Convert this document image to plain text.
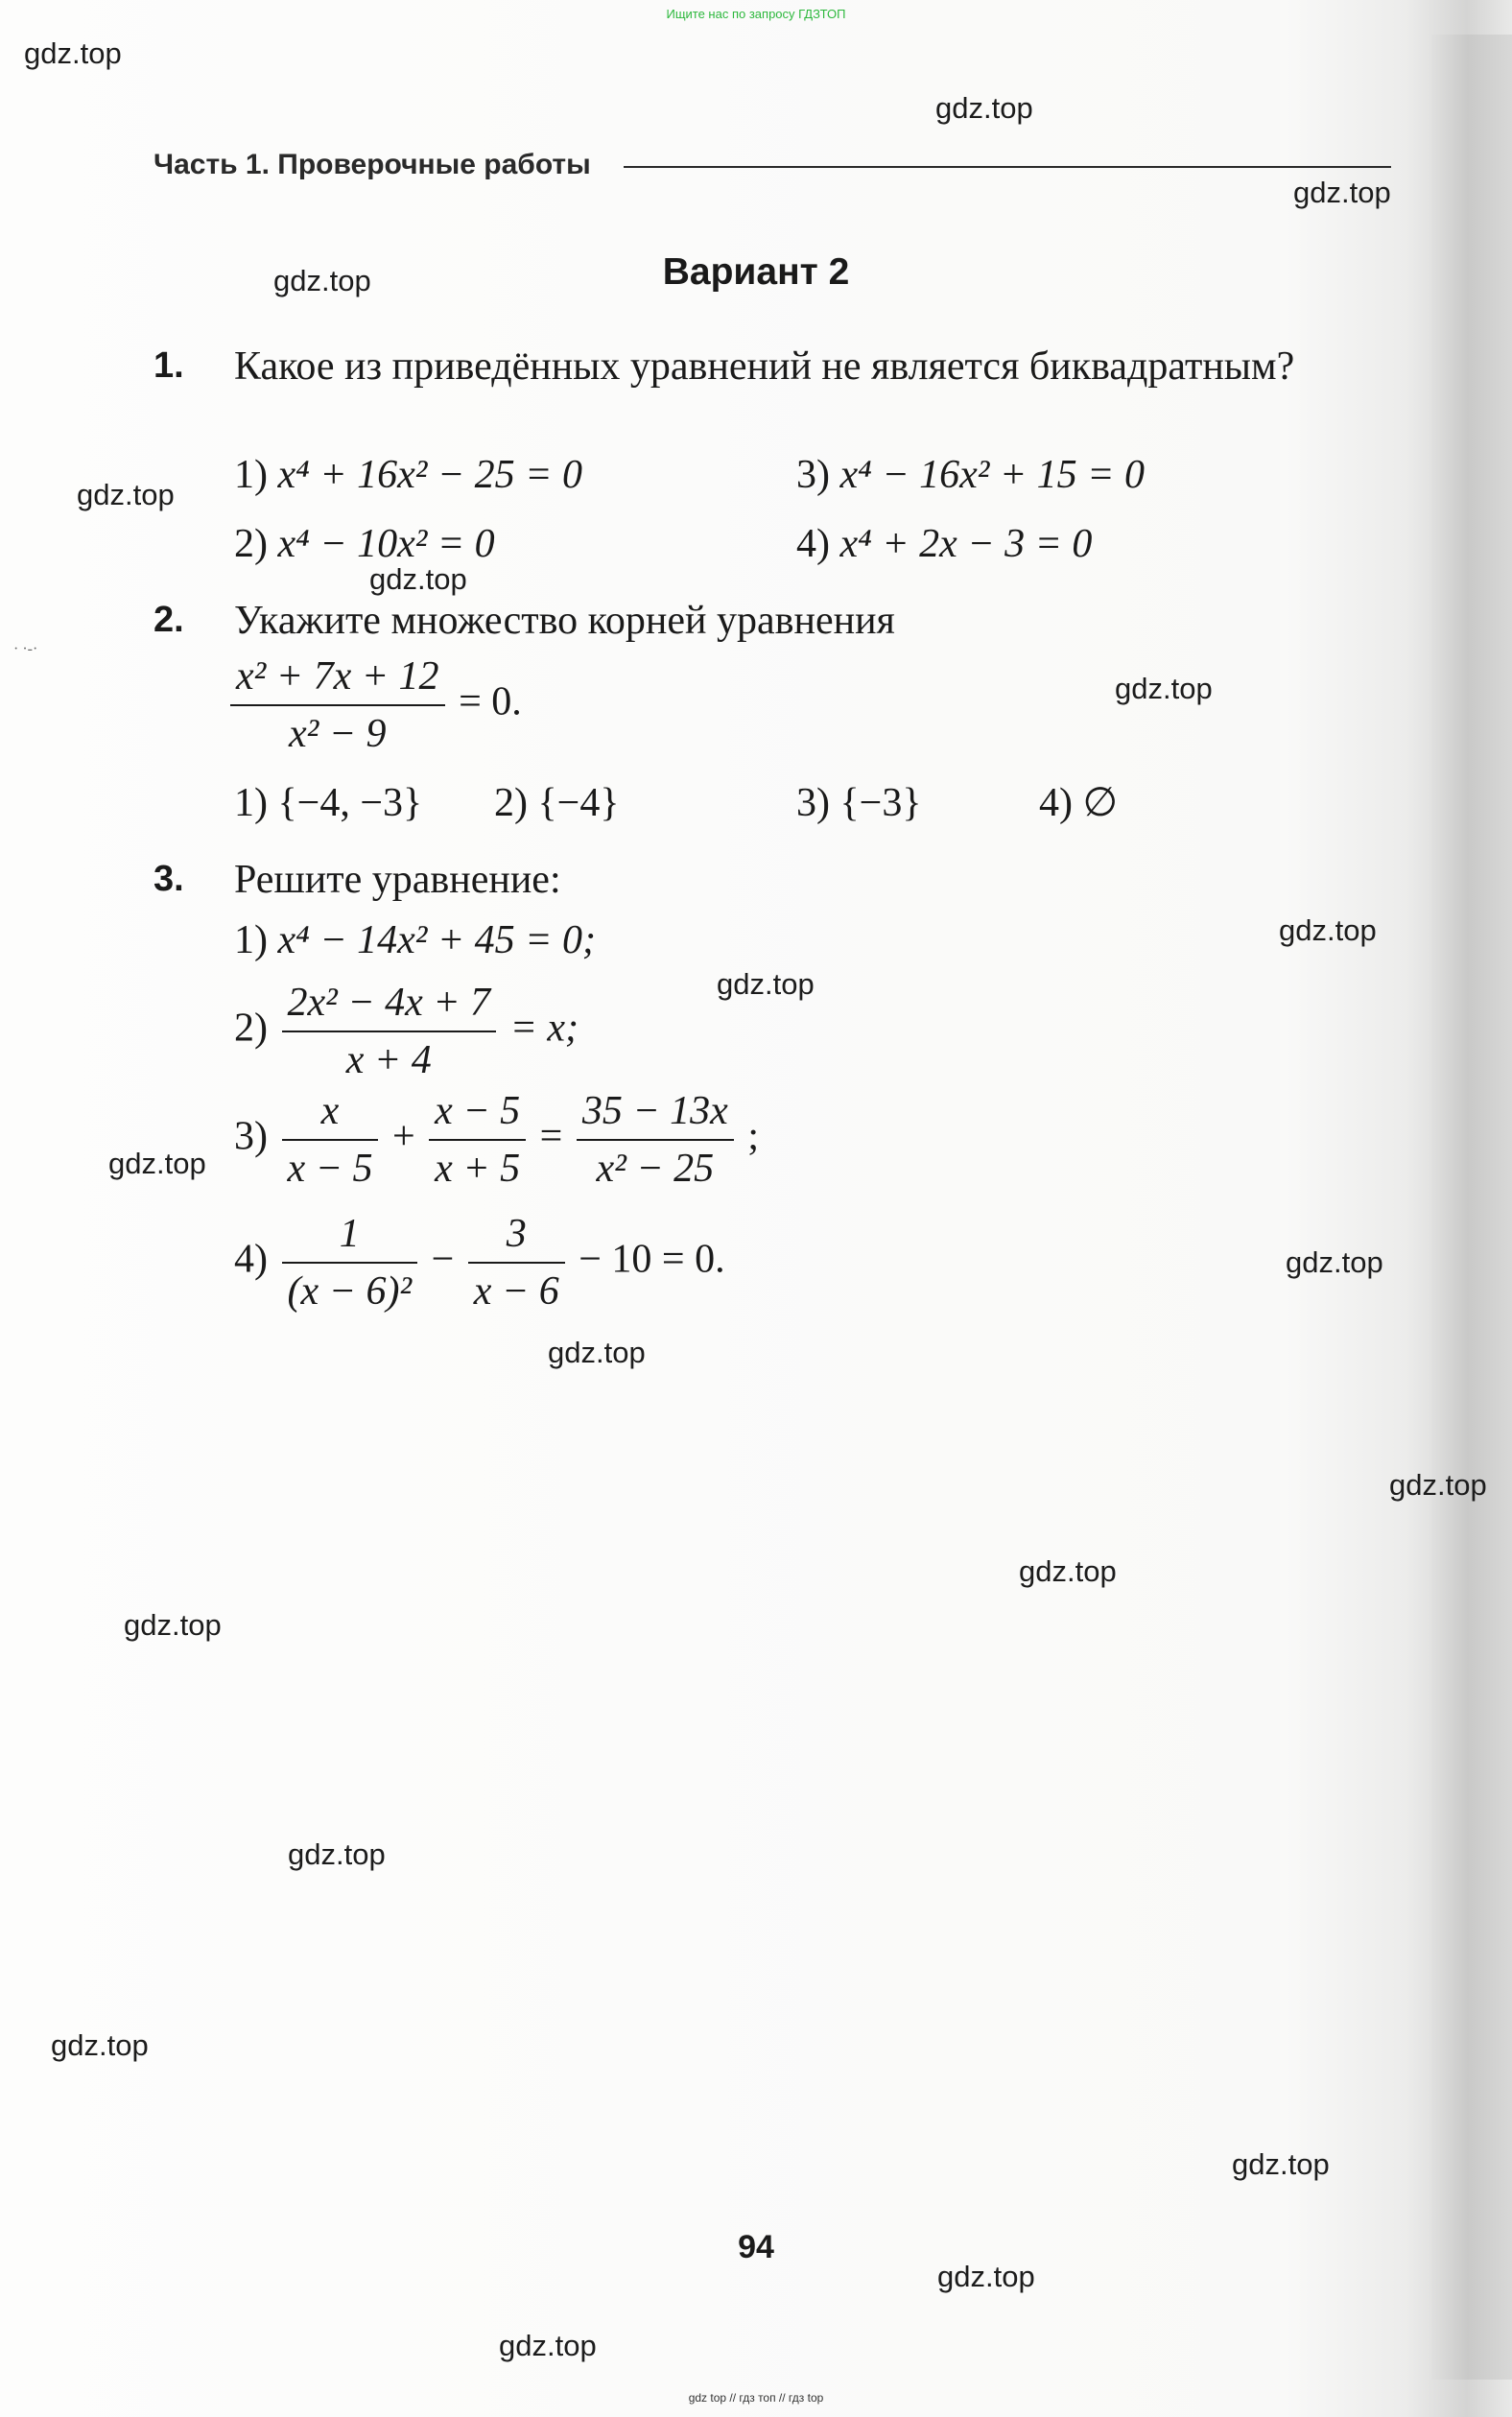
· ·‑·
Ищите нас по запросу ГДЗТОП
Часть 1. Проверочные работы
Вариант 2
1. Какое из приведённых уравнений не является биквадратным?
1) x⁴ + 16x² − 25 = 0	3) x⁴ − 16x² + 15 = 0
2) x⁴ − 10x² = 0	4) x⁴ + 2x − 3 = 0
2. Укажите множество корней уравнения
$\frac{\text{x² + 7x + 12}}{\text{x² − 9}} = 0$.
1) {−4, −3} 2) {−4}	3) {−3}	4) ∅
3. Решите уравнение:
1) x⁴ − 14x² + 45 = 0;
$2) \frac{\text{2x² − 4x + 7}}{x + 4} = x$;
$3) \frac{x}{x - 5} + \frac{x - 5}{x + 5} = \frac{35 - 13x}{\text{x² − 25}}$ ;
$4) \frac{1}{\text{(x − 6)²}} - \frac{3}{x - 6} - 10 = 0$.
gdz.top
gdz.top
gdz.top
gdz.top
gdz.top
gdz.top
gdz.top
gdz.top
gdz.top
gdz.top
gdz.top
gdz.top
gdz.top
gdz.top
gdz.top
gdz.top
gdz.top
gdz.top
gdz.top
gdz.top
94
gdz top // гдз топ // гдз top
